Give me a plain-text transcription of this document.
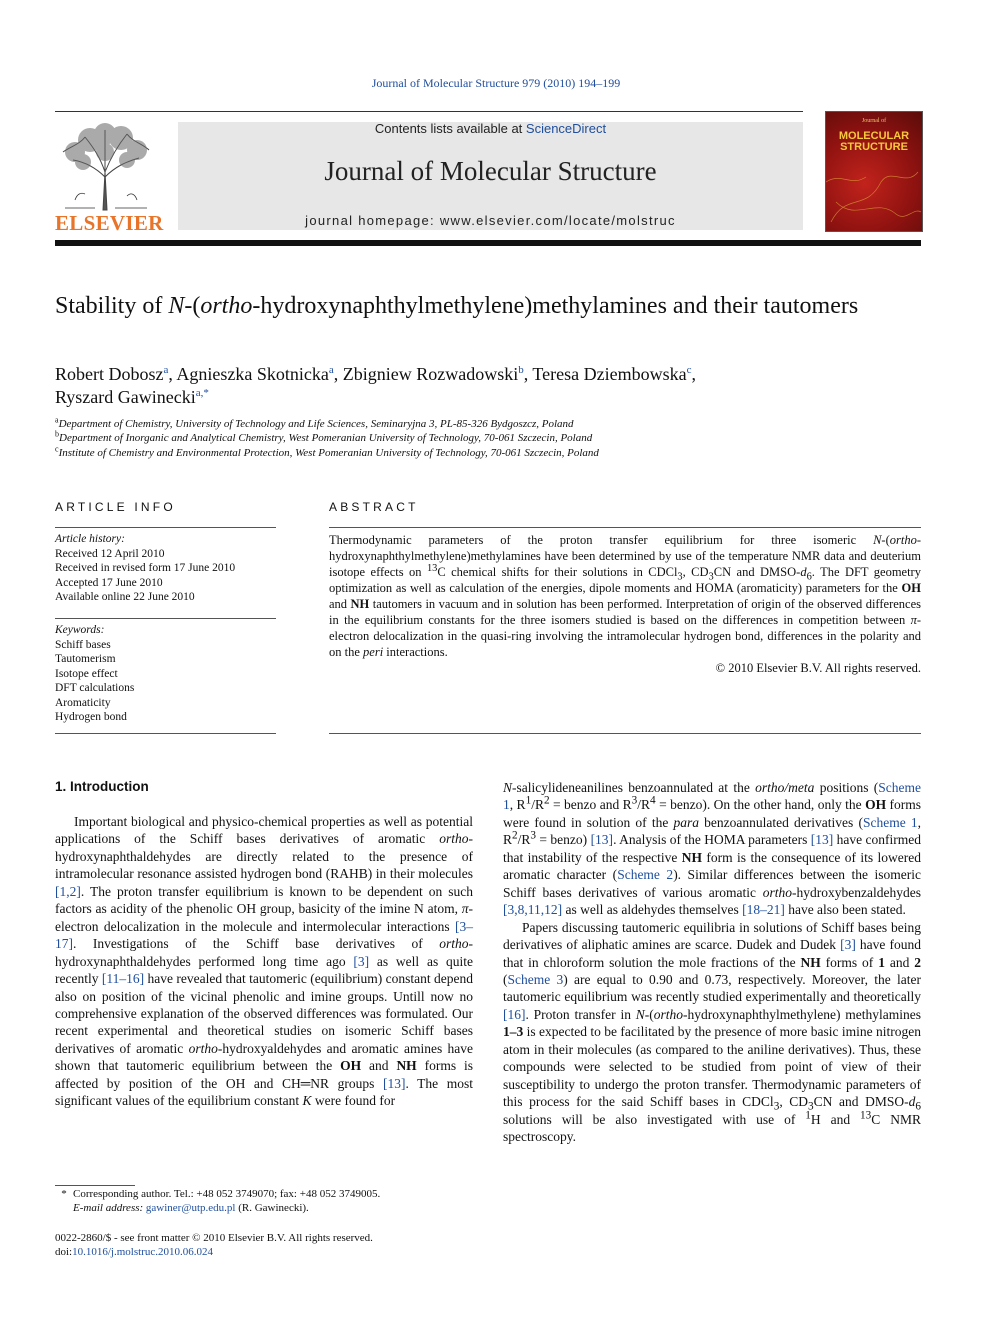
Journal of Molecular Structure 979 (2010) 194–199
ELSEVIER
Contents lists available at ScienceDirect
Journal of Molecular Structure
journal homepage: www.elsevier.com/locate/molstruc
Journal of
MOLECULAR
STRUCTURE
Stability of N-(ortho-hydroxynaphthylmethylene)methylamines and their tautomers
Robert Dobosz$^a$, Agnieszka Skotnicka$^a$, Zbigniew Rozwadowski$^b$, Teresa Dziembowska$^c$,
Ryszard Gawinecki$^{a,*}$
$^a$Department of Chemistry, University of Technology and Life Sciences, Seminaryjna 3, PL-85-326 Bydgoszcz, Poland
$^b$Department of Inorganic and Analytical Chemistry, West Pomeranian University of Technology, 70-061 Szczecin, Poland
$^c$Institute of Chemistry and Environmental Protection, West Pomeranian University of Technology, 70-061 Szczecin, Poland
ARTICLE INFO
Article history:
Received 12 April 2010
Received in revised form 17 June 2010
Accepted 17 June 2010
Available online 22 June 2010
Keywords:
Schiff bases
Tautomerism
Isotope effect
DFT calculations
Aromaticity
Hydrogen bond
ABSTRACT
Thermodynamic parameters of the proton transfer equilibrium for three isomeric N-(ortho-hydroxynaphthylmethylene)methylamines have been determined by use of the temperature NMR data and deuterium isotope effects on $^{13}$C chemical shifts for their solutions in CDCl$_3$, $CD_3CN$ and DMSO-$d_6$. The DFT geometry optimization as well as calculation of the energies, dipole moments and HOMA (aromaticity) parameters for the OH and NH tautomers in vacuum and in solution has been performed. Interpretation of origin of the observed differences in the equilibrium constants for the three isomers studied is based on the differences in competition between π-electron delocalization in the quasi-ring involving the intramolecular hydrogen bond, differences in the polarity and on the peri interactions.
© 2010 Elsevier B.V. All rights reserved.
1. Introduction

Important biological and physico-chemical properties as well as potential applications of the Schiff bases derivatives of aromatic ortho-hydroxynaphthaldehydes are directly related to the presence of intramolecular resonance assisted hydrogen bond (RAHB) in their molecules [1,2]. The proton transfer equilibrium is known to be dependent on such factors as acidity of the phenolic OH group, basicity of the imine N atom, π-electron delocalization in the molecule and intermolecular interactions [3–17]. Investigations of the Schiff base derivatives of ortho-hydroxynaphthaldehydes performed long time ago [3] as well as quite recently [11–16] have revealed that tautomeric (equilibrium) constant depend also on position of the vicinal phenolic and imine groups. Untill now no comprehensive explanation of the observed differences was formulated. Our recent experimental and theoretical studies on isomeric Schiff bases derivatives of aromatic ortho-hydroxyaldehydes and aromatic amines have shown that tautomeric equilibrium between the OH and NH forms is affected by position of the OH and CH═NR groups [13]. The most significant values of the equilibrium constant K were found for

N-salicylideneanilines benzoannulated at the ortho/meta positions (Scheme 1, $R^1/R^2$ = benzo and $R^3/R^4$ = benzo). On the other hand, only the OH forms were found in solution of the para benzoannulated derivatives (Scheme 1, $R^2/R^3$ = benzo) [13]. Analysis of the HOMA parameters [13] have confirmed that instability of the respective NH form is the consequence of its lowered aromatic character (Scheme 2). Similar differences between the isomeric Schiff bases derivatives of various aromatic ortho-hydroxybenzaldehydes [3,8,11,12] as well as aldehydes themselves [18–21] have also been stated.

Papers discussing tautomeric equilibria in solutions of Schiff bases being derivatives of aliphatic amines are scarce. Dudek and Dudek [3] have found that in chloroform solution the mole fractions of the NH forms of 1 and 2 (Scheme 3) are equal to 0.90 and 0.73, respectively. Moreover, the later tautomeric equilibrium was recently studied experimentally and theoretically [16]. Proton transfer in N-(ortho-hydroxynaphthylmethylene) methylamines 1–3 is expected to be facilitated by the presence of more basic imine nitrogen atom in their molecules (as compared to the aniline derivatives). Thus, these compounds were selected to be studied from point of view of their susceptibility to undergo the proton transfer. Thermodynamic parameters of this process for the said Schiff bases in CDCl$_3$, $CD_3CN$ and DMSO-$d_6$ solutions will be also investigated with use of $^1$H and $^{13}$C NMR spectroscopy.

* Corresponding author. Tel.: +48 052 3749070; fax: +48 052 3749005.
E-mail address: gawiner@utp.edu.pl (R. Gawinecki).
0022-2860/$ - see front matter © 2010 Elsevier B.V. All rights reserved.
doi:10.1016/j.molstruc.2010.06.024
